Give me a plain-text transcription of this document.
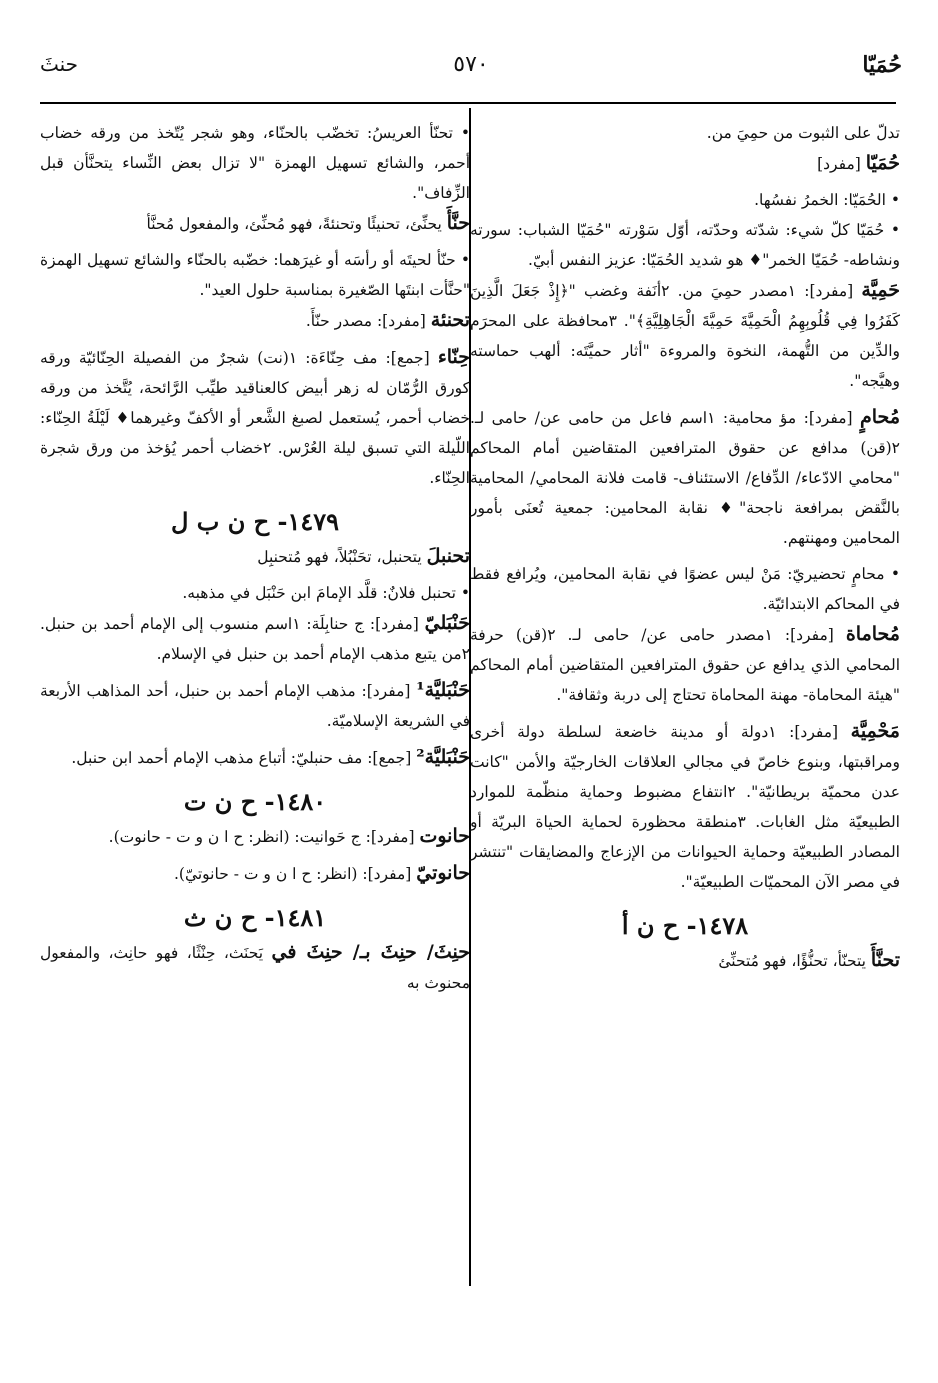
حُمَيّا
٥٧٠
حنثَ
تدلّ على الثبوت من حمِيَ من.
حُمَيّا [مفرد]
• الحُمَيّا: الخمرُ نفسُها.
• حُمَيّا كلّ شيء: شدّته وحدّته، أوّل سَوْرته "حُمَيّا الشباب: سورته ونشاطه- حُمَيّا الخمر"♦ هو شديد الحُمَيّا: عزيز النفس أبيّ.
حَمِيَّة [مفرد]: ١مصدر حمِيَ من. ٢أنَفة وغضب "﴿إِذْ جَعَلَ الَّذِينَ كَفَرُوا فِي قُلُوبِهِمُ الْحَمِيَّةَ حَمِيَّةَ الْجَاهِلِيَّةِ﴾". ٣محافظة على المحرَم والدِّين من التُّهمة، النخوة والمروءة "أثار حميَّتَه: ألهب حماسته وهيَّجه".
مُحامٍ [مفرد]: مؤ محامية: ١اسم فاعل من حامى عن/ حامى لـ. ٢(قن) مدافع عن حقوق المترافعين المتقاضين أمام المحاكم "محامي الادّعاء/ الدِّفاع/ الاستئناف- قامت فلانة المحامي/ المحامية بالنَّقض بمرافعة ناجحة"♦ نقابة المحامين: جمعية تُعنَى بأمور المحامين ومهنتهم.
• محامٍ تحضيريّ: مَنْ ليس عضوًا في نقابة المحامين، ويُرافع فقط في المحاكم الابتدائيّة.
مُحاماة [مفرد]: ١مصدر حامى عن/ حامى لـ. ٢(قن) حرفة المحامي الذي يدافع عن حقوق المترافعين المتقاضين أمام المحاكم "هيئة المحاماة- مهنة المحاماة تحتاج إلى دربة وثقافة".
مَحْمِيَّة [مفرد]: ١دولة أو مدينة خاضعة لسلطة دولة أخرى ومراقبتها، وبنوع خاصّ في مجالي العلاقات الخارجيّة والأمن "كانت عدن محميّة بريطانيّة". ٢انتفاع مضبوط وحماية منظّمة للموارد الطبيعيّة مثل الغابات. ٣منطقة محظورة لحماية الحياة البريّة أو المصادر الطبيعيّة وحماية الحيوانات من الإزعاج والمضايقات "تنتشر في مصر الآن المحميّات الطبيعيّة".
١٤٧٨- ح ن أ
تحنَّأَ يتحنّأ، تحنُّؤًا، فهو مُتحنِّئ
• تحنّأ العريسُ: تخضّب بالحنّاء، وهو شجر يُتّخذ من ورقه خضاب أحمر، والشائع تسهيل الهمزة "لا تزال بعض النِّساء يتحنَّأن قبل الزِّفاف".
حنَّأَ يحنِّئ، تحنيئًا وتحنئةً، فهو مُحنِّئ، والمفعول مُحنَّأ
• حنّأ لحيتَه أو رأسَه أو غيرَهما: خضّبه بالحنّاء والشائع تسهيل الهمزة "حنَّأت ابنتَها الصّغيرة بمناسبة حلول العيد".
تحنئة [مفرد]: مصدر حنّأَ.
حِنّاء [جمع]: مف حِنّاءَة: ١(نت) شجرٌ من الفصيلة الحِنّائيّة ورقه كورق الرُّمّان له زهر أبيض كالعناقيد طيِّب الرَّائحة، يُتَّخذ من ورقه خضاب أحمر، يُستعمل لصبغ الشَّعر أو الأكفّ وغيرهما♦ لَيْلَةُ الحِنّاء: اللّيلة التي تسبق ليلة العُرْس. ٢خضاب أحمر يُؤخذ من ورق شجرة الحِنّاء.
١٤٧٩- ح ن ب ل
تحنبلَ يتحنبل، تحَنْبُلاً، فهو مُتحنبِل
• تحنبل فلانٌ: قلَّد الإمامَ ابن حَنْبَل في مذهبه.
حَنْبَليّ [مفرد]: ج حنابِلَة: ١اسم منسوب إلى الإمام أحمد بن حنبل. ٢من يتبع مذهب الإمام أحمد بن حنبل في الإسلام.
حَنْبَليَّة¹ [مفرد]: مذهب الإمام أحمد بن حنبل، أحد المذاهب الأربعة في الشريعة الإسلاميّة.
حَنْبَليَّة² [جمع]: مف حنبليّ: أتباع مذهب الإمام أحمد ابن حنبل.
١٤٨٠- ح ن ت
حانوت [مفرد]: ج حَوانيت: (انظر: ح ا ن و ت - حانوت).
حانوتيّ [مفرد]: (انظر: ح ا ن و ت - حانوتيّ).
١٤٨١- ح ن ث
حنِثَ/ حنِثَ بـ/ حنِثَ في يَحنَث، حِنْثًا، فهو حانِث، والمفعول محنوث به
